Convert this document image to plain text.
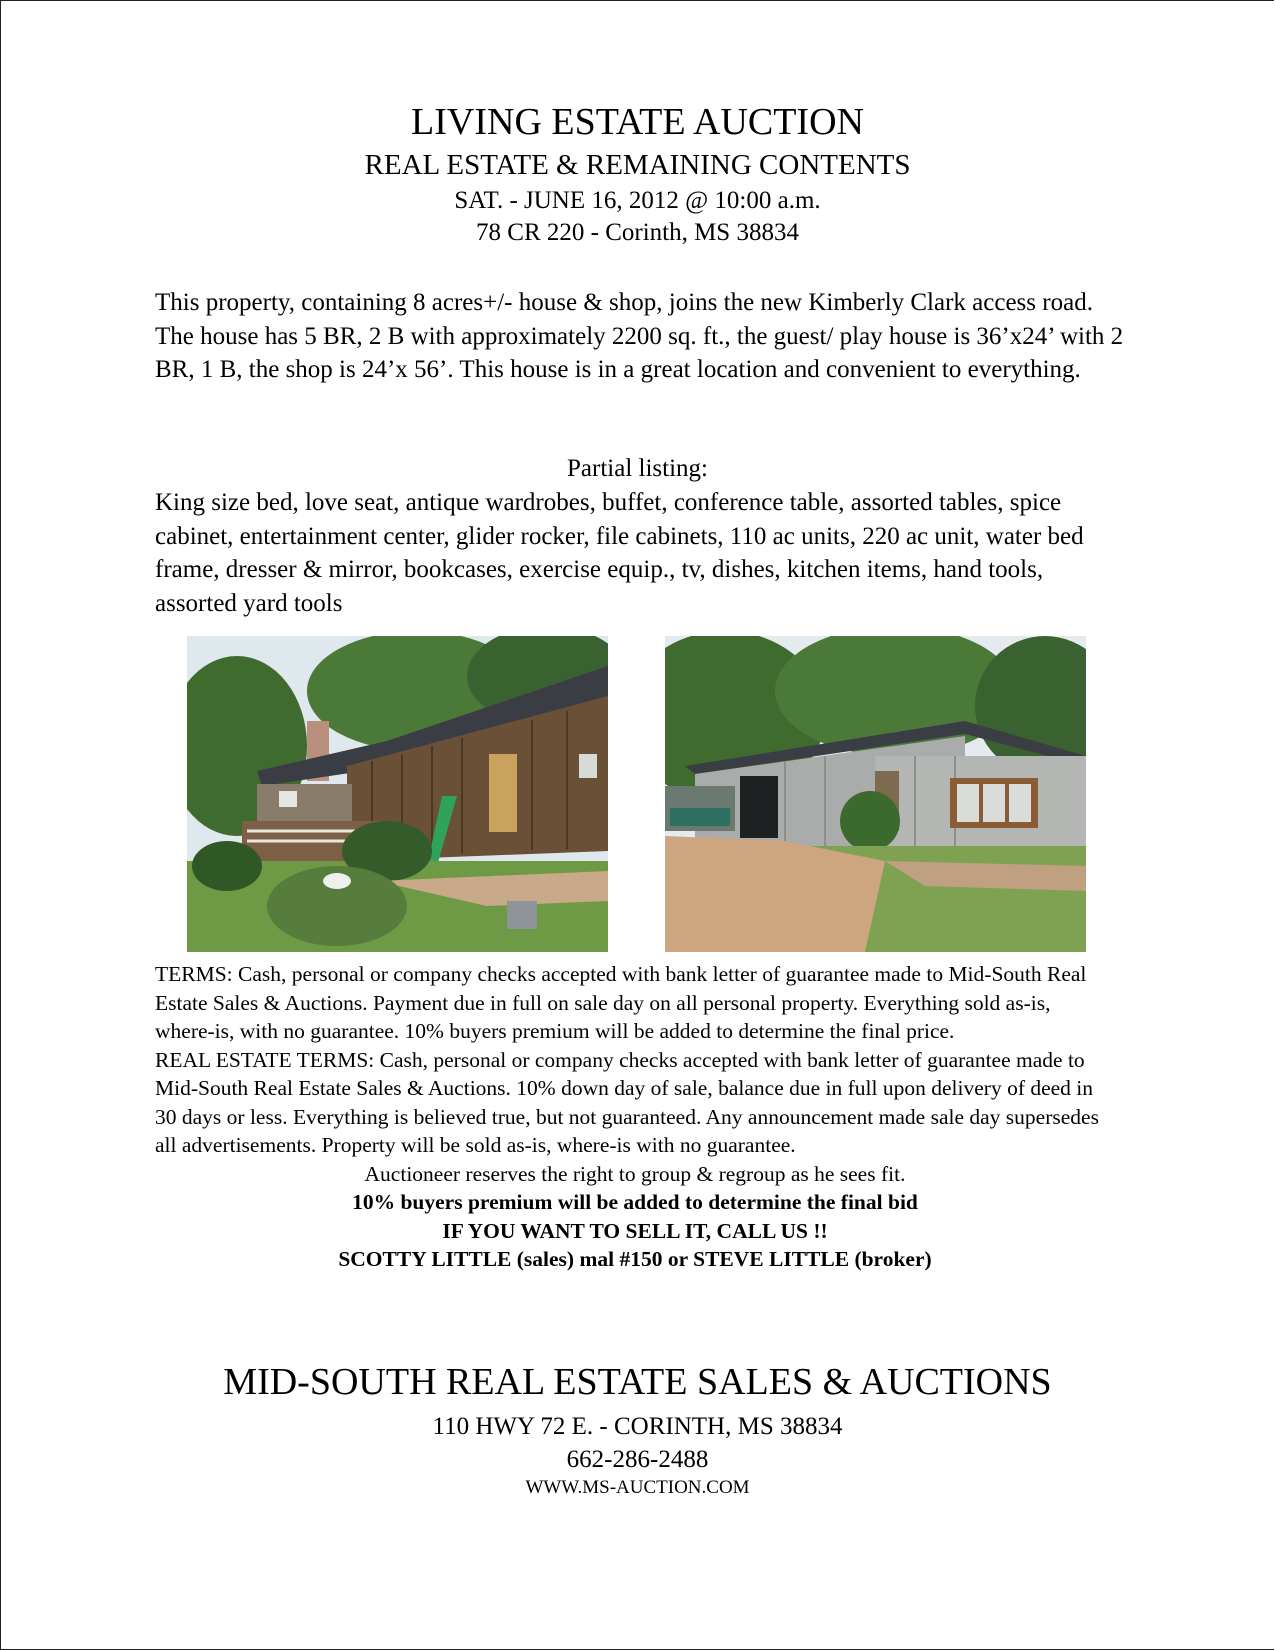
LIVING ESTATE AUCTION
REAL ESTATE & REMAINING CONTENTS
SAT. - JUNE 16, 2012 @ 10:00 a.m.
78 CR 220 - Corinth, MS 38834
This property, containing 8 acres+/- house & shop, joins the new Kimberly Clark access road. The house has 5 BR, 2 B with approximately 2200 sq. ft., the guest/ play house is 36’x24’ with 2 BR, 1 B, the shop is 24’x 56’. This house is in a great location and convenient to everything.
Partial listing:
King size bed, love seat, antique wardrobes, buffet, conference table, assorted tables, spice cabinet, entertainment center, glider rocker, file cabinets, 110 ac units, 220 ac unit, water bed frame, dresser & mirror, bookcases, exercise equip., tv, dishes, kitchen items, hand tools, assorted yard tools

TERMS: Cash, personal or company checks accepted with bank letter of guarantee made to Mid-South Real Estate Sales & Auctions. Payment due in full on sale day on all personal property. Everything sold as-is, where-is, with no guarantee. 10% buyers premium will be added to determine the final price.

REAL ESTATE TERMS: Cash, personal or company checks accepted with bank letter of guarantee made to Mid-South Real Estate Sales & Auctions. 10% down day of sale, balance due in full upon delivery of deed in 30 days or less. Everything is believed true, but not guaranteed. Any announcement made sale day supersedes all advertisements. Property will be sold as-is, where-is with no guarantee.

Auctioneer reserves the right to group & regroup as he sees fit.

10% buyers premium will be added to determine the final bid

IF YOU WANT TO SELL IT, CALL US !!

SCOTTY LITTLE (sales) mal #150 or STEVE LITTLE (broker)

MID-SOUTH REAL ESTATE SALES & AUCTIONS
110 HWY 72 E. - CORINTH, MS 38834
662-286-2488
WWW.MS-AUCTION.COM
